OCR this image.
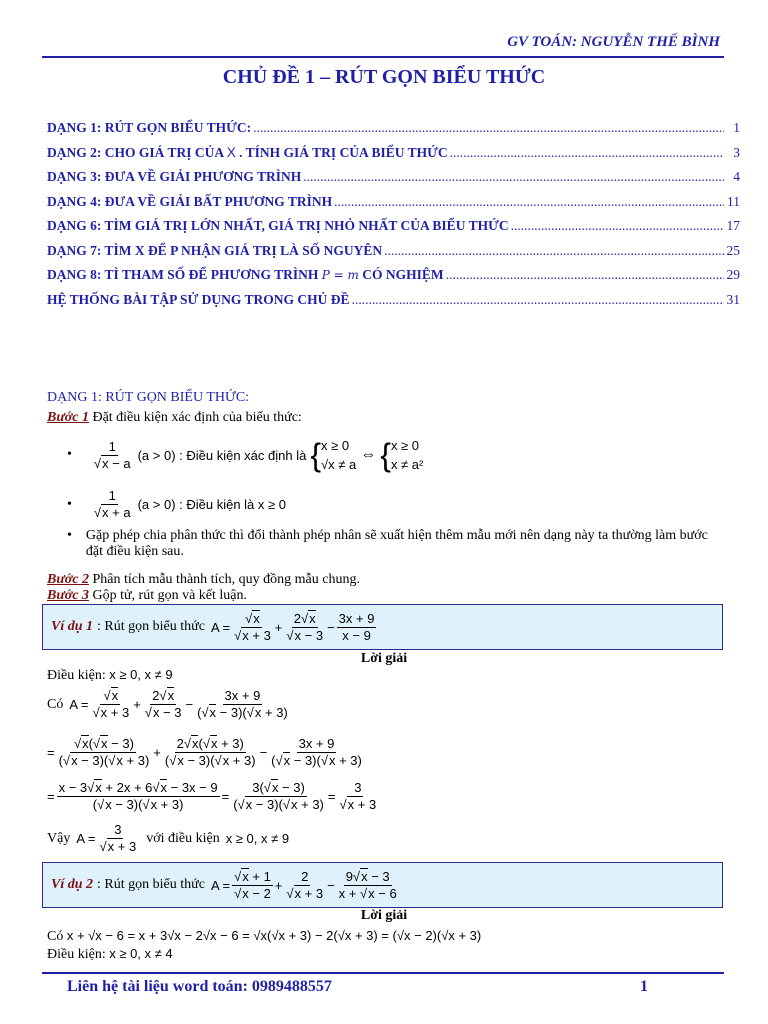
GV TOÁN: NGUYỄN THẾ BÌNH
CHỦ ĐỀ 1 – RÚT GỌN BIỂU THỨC
DẠNG 1: RÚT GỌN BIỂU THỨC: .....	1
DẠNG 2: CHO GIÁ TRỊ CỦA X . TÍNH GIÁ TRỊ CỦA BIỂU THỨC .....	3
DẠNG 3: ĐƯA VỀ GIẢI PHƯƠNG TRÌNH .....	4
DẠNG 4: ĐƯA VỀ GIẢI BẤT PHƯƠNG TRÌNH .....	11
DẠNG 6: TÌM GIÁ TRỊ LỚN NHẤT, GIÁ TRỊ NHỎ NHẤT CỦA BIỂU THỨC .....	17
DẠNG 7: TÌM X ĐỂ P NHẬN GIÁ TRỊ LÀ SỐ NGUYÊN .....	25
DẠNG 8: TÌ THAM SỐ ĐỂ PHƯƠNG TRÌNH P = m CÓ NGHIỆM .....	29
HỆ THỐNG BÀI TẬP SỬ DỤNG TRONG CHỦ ĐỀ .....	31
DẠNG 1: RÚT GỌN BIỂU THỨC:
Bước 1 Đặt điều kiện xác định của biểu thức:
• $\frac{1}{√x - a} (a > 0)$ : Điều kiện xác định là { x ≥ 0
√x ≠ a
⇔ { x ≥ 0
x ≠ a²
• $\frac{1}{√x + a} (a > 0)$ : Điều kiện là x ≥ 0
• Gặp phép chia phân thức thì đổi thành phép nhân sẽ xuất hiện thêm mẫu mới nên dạng này ta thường làm bước đặt điều kiện sau.
Bước 2 Phân tích mẫu thành tích, quy đồng mẫu chung.
Bước 3 Gộp tử, rút gọn và kết luận.
Ví dụ 1 : Rút gọn biểu thức $A = \frac{√x}{√x + 3} + \frac{2√x}{√x - 3} - \frac{3x + 9}{x - 9}$
Lời giải
Điều kiện: x ≥ 0, x ≠ 9
Có $A = \frac{√x}{√x + 3} + \frac{2√x}{√x - 3} - \frac{3x + 9}{(√x - 3)(√x + 3)}$
= $\frac{√x(√x - 3)}{(√x - 3)(√x + 3)} + \frac{2√x(√x + 3)}{(√x - 3)(√x + 3)} - \frac{3x + 9}{(√x - 3)(√x + 3)}$
= $\frac{x - 3√x + 2x + 6√x - 3x - 9}{(√x - 3)(√x + 3)} = \frac{3(√x - 3)}{(√x - 3)(√x + 3)} = \frac{3}{√x + 3}$
Vậy $A = \frac{3}{√x + 3}$ với điều kiện x ≥ 0, x ≠ 9
Ví dụ 2 : Rút gọn biểu thức $A = \frac{√x + 1}{√x - 2} + \frac{2}{√x + 3} - \frac{9√x - 3}{x + √x - 6}$
Lời giải
Có x + √x − 6 = x + 3√x − 2√x − 6 = √x(√x + 3) − 2(√x + 3) = (√x − 2)(√x + 3)
Điều kiện: x ≥ 0, x ≠ 4
Liên hệ tài liệu word toán: 0989488557	1
